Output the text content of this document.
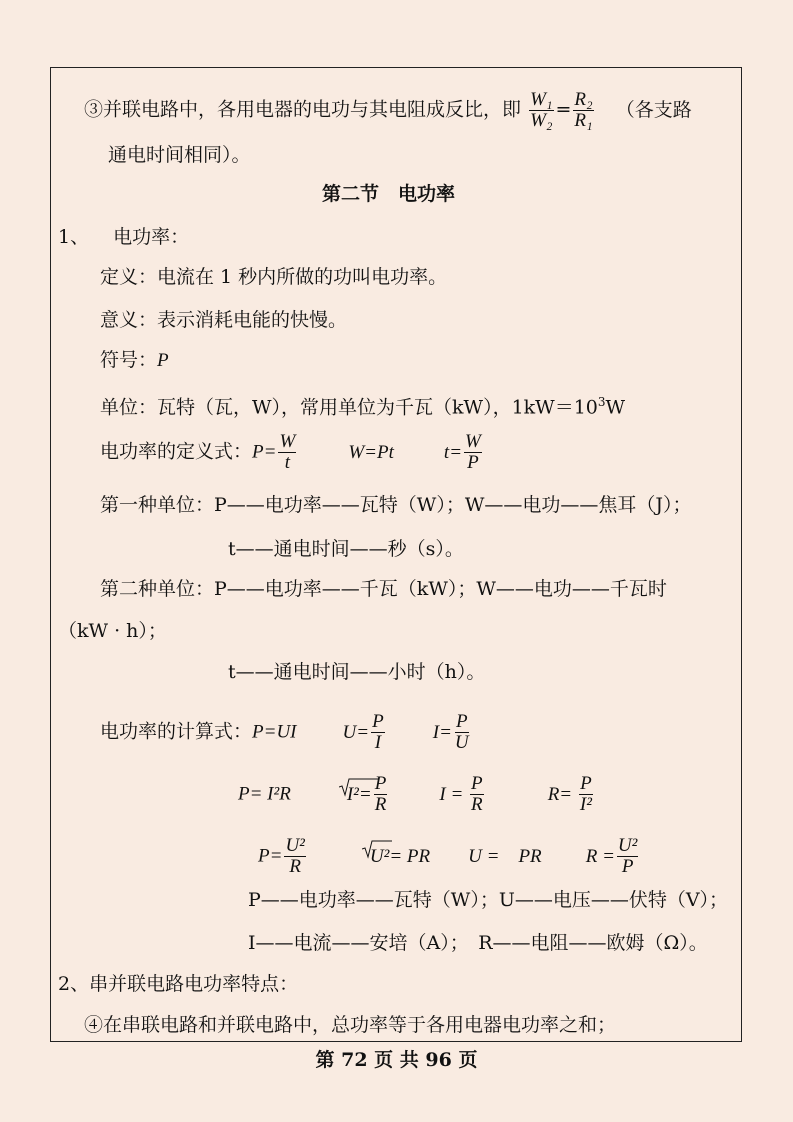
③并联电路中，各用电器的电功与其电阻成反比，即 $\frac{\text{W₁}}{\text{W₂}} = \frac{\text{R₂}}{\text{R₁}}$ （各支路
通电时间相同）。
第二节　电功率
1、 电功率：
定义：电流在 1 秒内所做的功叫电功率。
意义：表示消耗电能的快慢。
符号：P
单位：瓦特（瓦，W），常用单位为千瓦（kW），$1kW=10^3W$
电功率的定义式：$P= \frac{W}{t}$	W=Pt	$t= \frac{W}{P}$
第一种单位：P——电功率——瓦特（W）；W——电功——焦耳（J）；
t——通电时间——秒（s）。
第二种单位：P——电功率——千瓦（kW）；W——电功——千瓦时
（kW · h）；
t——通电时间——小时（h）。
电功率的计算式：P=UI $U= \frac{P}{I}$	$I= \frac{P}{U}$
P= I²R	$I^2= \frac{P}{R}$	$I = \frac{P}{R}$	$R= \frac{P}{\text{I²}}$
$P= \frac{\text{U²}}{R}$
	U²= PR U =　PR $R = \frac{\text{U²}}{P}$
P——电功率——瓦特（W）；U——电压——伏特（V）；
I——电流——安培（A）；　R——电阻——欧姆（Ω）。
2、串并联电路电功率特点：
④在串联电路和并联电路中，总功率等于各用电器电功率之和；
第 72 页 共 96 页
